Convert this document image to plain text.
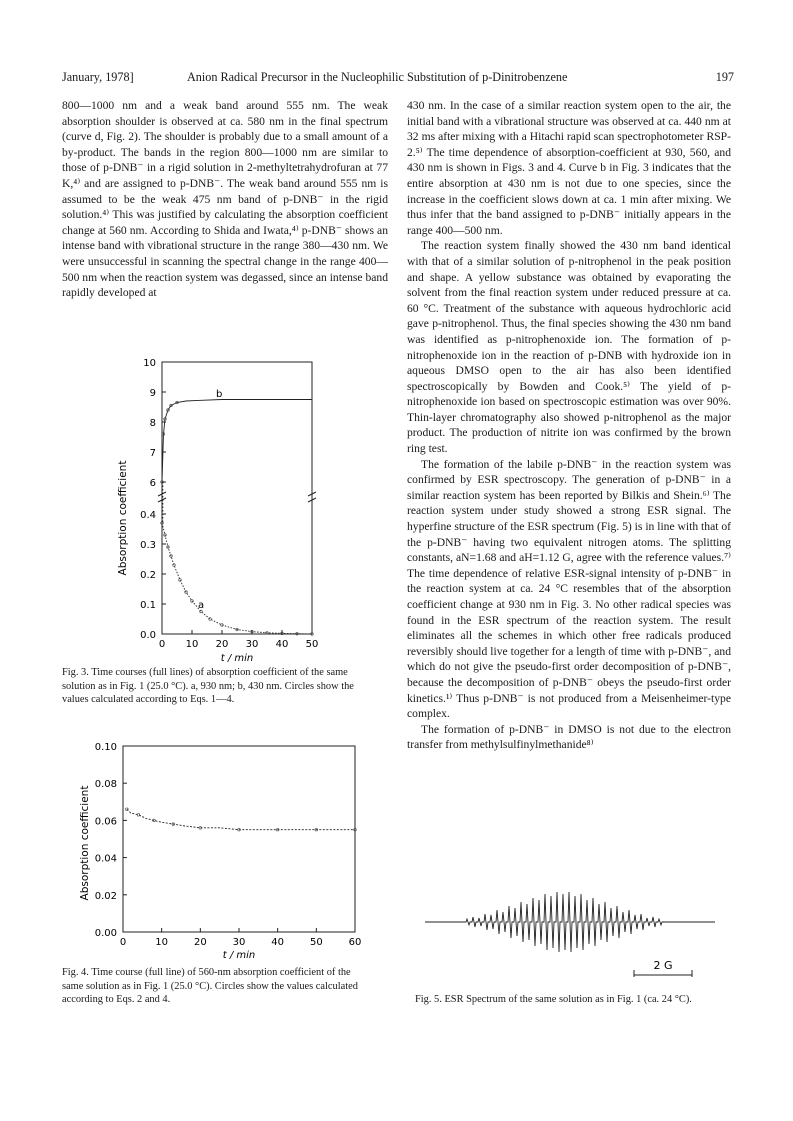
January, 1978]	Anion Radical Precursor in the Nucleophilic Substitution of p-Dinitrobenzene	197

800—1000 nm and a weak band around 555 nm. The weak absorption shoulder is observed at ca. 580 nm in the final spectrum (curve d, Fig. 2). The shoulder is probably due to a small amount of a by-product. The bands in the region 800—1000 nm are similar to those of p-DNB⁻ in a rigid solution in 2-methyltetrahydrofuran at 77 K,⁴⁾ and are assigned to p-DNB⁻. The weak band around 555 nm is assumed to be the weak 475 nm band of p-DNB⁻ in the rigid solution.⁴⁾ This was justified by calculating the absorption coefficient change at 560 nm. According to Shida and Iwata,⁴⁾ p-DNB⁻ shows an intense band with vibrational structure in the range 380—430 nm. We were unsuccessful in scanning the spectral change in the range 400—500 nm when the reaction system was degassed, since an intense band rapidly developed at

430 nm. In the case of a similar reaction system open to the air, the initial band with a vibrational structure was observed at ca. 440 nm at 32 ms after mixing with a Hitachi rapid scan spectrophotometer RSP-2.⁵⁾ The time dependence of absorption-coefficient at 930, 560, and 430 nm is shown in Figs. 3 and 4. Curve b in Fig. 3 indicates that the entire absorption at 430 nm is not due to one species, since the increase in the coefficient slows down at ca. 1 min after mixing. We thus infer that the band assigned to p-DNB⁻ initially appears in the range 400—500 nm.

The reaction system finally showed the 430 nm band identical with that of a similar solution of p-nitrophenol in the peak position and shape. A yellow substance was obtained by evaporating the solvent from the final reaction system under reduced pressure at ca. 60 °C. Treatment of the substance with aqueous hydrochloric acid gave p-nitrophenol. Thus, the final species showing the 430 nm band was identified as p-nitrophenoxide ion. The formation of p-nitrophenoxide ion in the reaction of p-DNB with hydroxide ion in aqueous DMSO open to the air has also been identified spectroscopically by Bowden and Cook.⁵⁾ The yield of p-nitrophenoxide ion based on spectroscopic estimation was over 90%. Thin-layer chromatography also showed p-nitrophenol as the major product. The production of nitrite ion was confirmed by the brown ring test.

The formation of the labile p-DNB⁻ in the reaction system was confirmed by ESR spectroscopy. The generation of p-DNB⁻ in a similar reaction system has been reported by Bilkis and Shein.⁶⁾ The reaction system under study showed a strong ESR signal. The hyperfine structure of the ESR spectrum (Fig. 5) is in line with that of the p-DNB⁻ having two equivalent nitrogen atoms. The splitting constants, aN=1.68 and aH=1.12 G, agree with the reference values.⁷⁾ The time dependence of relative ESR-signal intensity of p-DNB⁻ in the reaction system at ca. 24 °C resembles that of the absorption coefficient change at 930 nm in Fig. 3. No other radical species was found in the ESR spectrum of the reaction system. The result eliminates all the schemes in which other free radicals produced reversibly should live together for a length of time with p-DNB⁻, and which do not give the pseudo-first order decomposition of p-DNB⁻, because the decomposition of p-DNB⁻ obeys the pseudo-first order kinetics.¹⁾ Thus p-DNB⁻ is not produced from a Meisenheimer-type complex.

The formation of p-DNB⁻ in DMSO is not due to the electron transfer from methylsulfinylmethanide⁸⁾

6
7
8
9
10
0.0
0.1
0.2
0.3
0.4
0 10 20 30 40 50
t / min
Absorption coefficient
a
b
Fig. 3. Time courses (full lines) of absorption coefficient of the same solution as in Fig. 1 (25.0 °C). a, 930 nm; b, 430 nm. Circles show the values calculated according to Eqs. 1—4.
0.00
0.02
0.04
0.06
0.08
0.10
0	10	20	30	40	50	60
t / min
Absorption coefficient
Fig. 4. Time course (full line) of 560-nm absorption coefficient of the same solution as in Fig. 1 (25.0 °C). Circles show the values calculated according to Eqs. 2 and 4.
2 G
Fig. 5. ESR Spectrum of the same solution as in Fig. 1 (ca. 24 °C).
